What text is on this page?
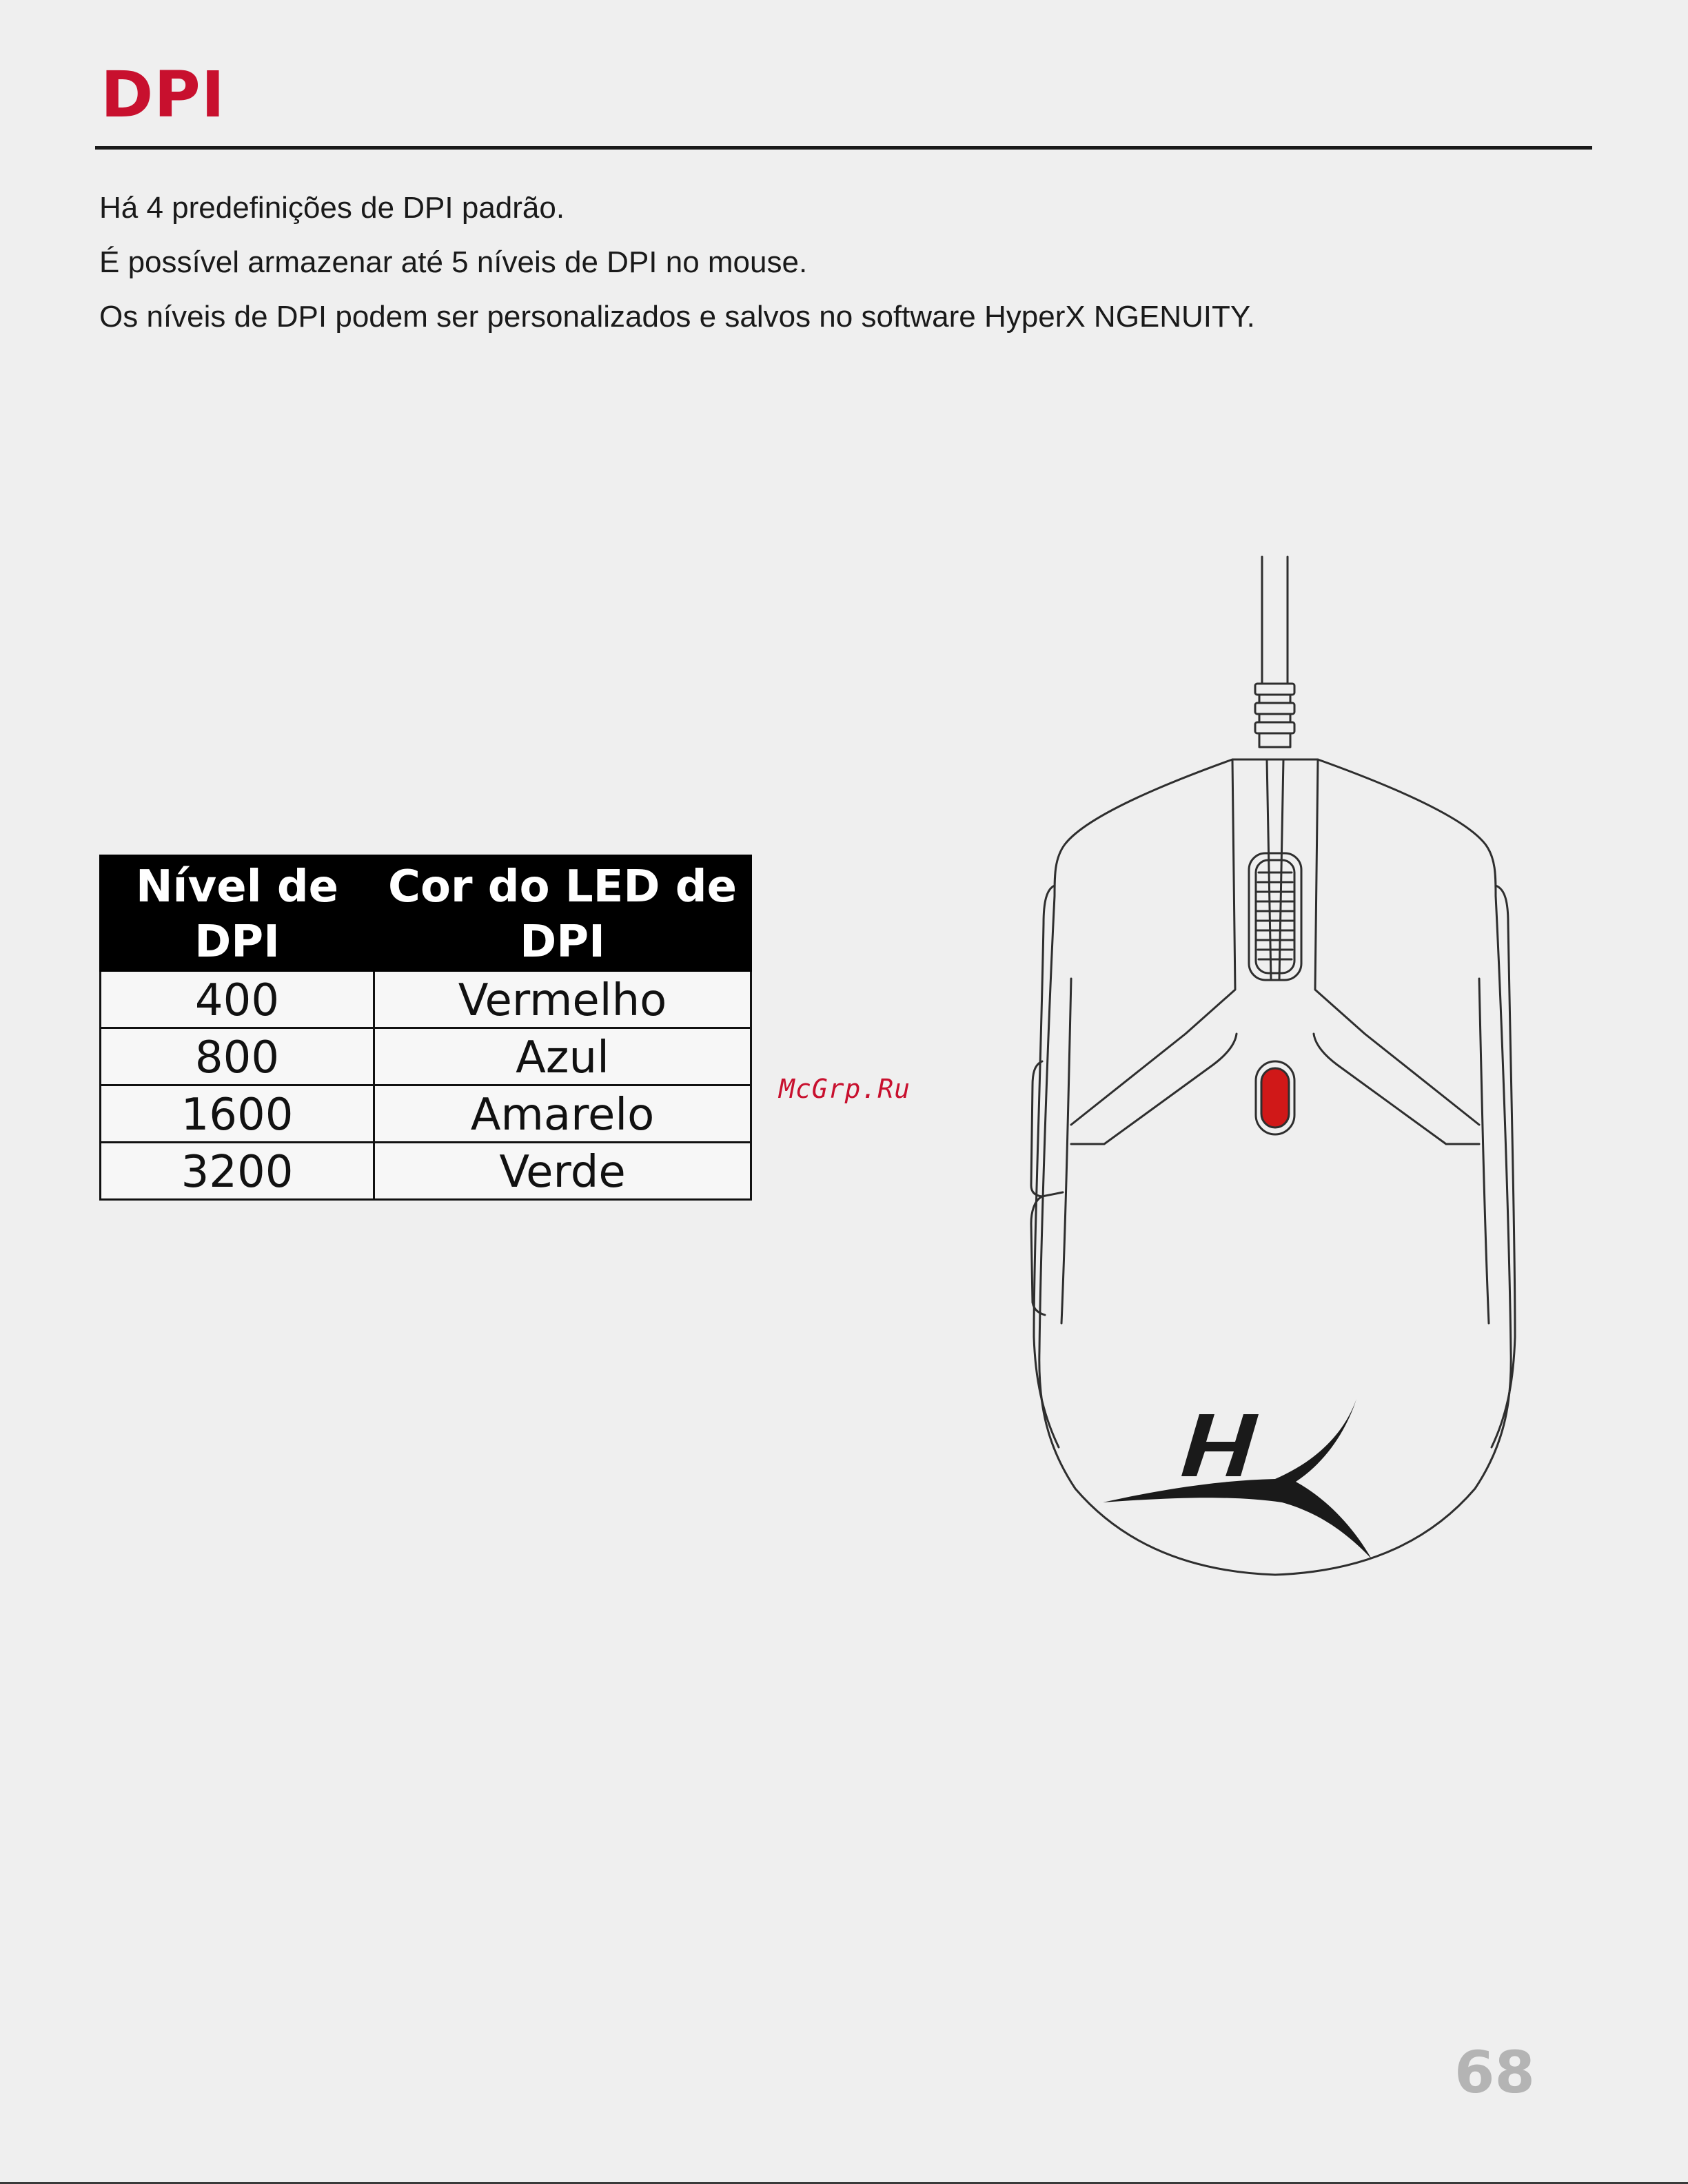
DPI

Há 4 predefinições de DPI padrão.

É possível armazenar até 5 níveis de DPI no mouse.

Os níveis de DPI podem ser personalizados e salvos no software HyperX NGENUITY.

Nível de DPI	Cor do LED de DPI
400	Vermelho
800	Azul
1600	Amarelo
3200	Verde
McGrp.Ru
68
